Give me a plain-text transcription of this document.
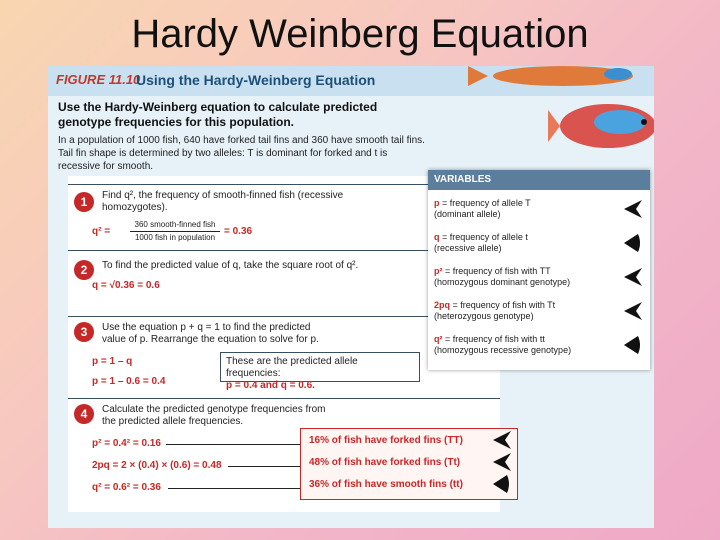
Hardy Weinberg Equation
FIGURE 11.10
Using the Hardy-Weinberg Equation
Use the Hardy-Weinberg equation to calculate predicted genotype frequencies for this population.
In a population of 1000 fish, 640 have forked tail fins and 360 have smooth tail fins. Tail fin shape is determined by two alleles: T is dominant for forked and t is recessive for smooth.
1	Find q², the frequency of smooth-finned fish (recessive homozygotes).
q² =
360 smooth-finned fish
1000 fish in population
= 0.36
2	To find the predicted value of q, take the square root of q².
q = √0.36 = 0.6
3	Use the equation p + q = 1 to find the predicted value of p. Rearrange the equation to solve for p.
p = 1 – q
p = 1 – 0.6 = 0.4
These are the predicted allele frequencies:
p = 0.4 and q = 0.6.
4	Calculate the predicted genotype frequencies from the predicted allele frequencies.
p² = 0.4² = 0.16
2pq = 2 × (0.4) × (0.6) = 0.48
q² = 0.6² = 0.36
16% of fish have forked fins (TT)
48% of fish have forked fins (Tt)
36% of fish have smooth fins (tt)
VARIABLES
p = frequency of allele T
(dominant allele)
q = frequency of allele t
(recessive allele)
p² = frequency of fish with TT
(homozygous dominant genotype)
2pq = frequency of fish with Tt
(heterozygous genotype)
q² = frequency of fish with tt
(homozygous recessive genotype)
